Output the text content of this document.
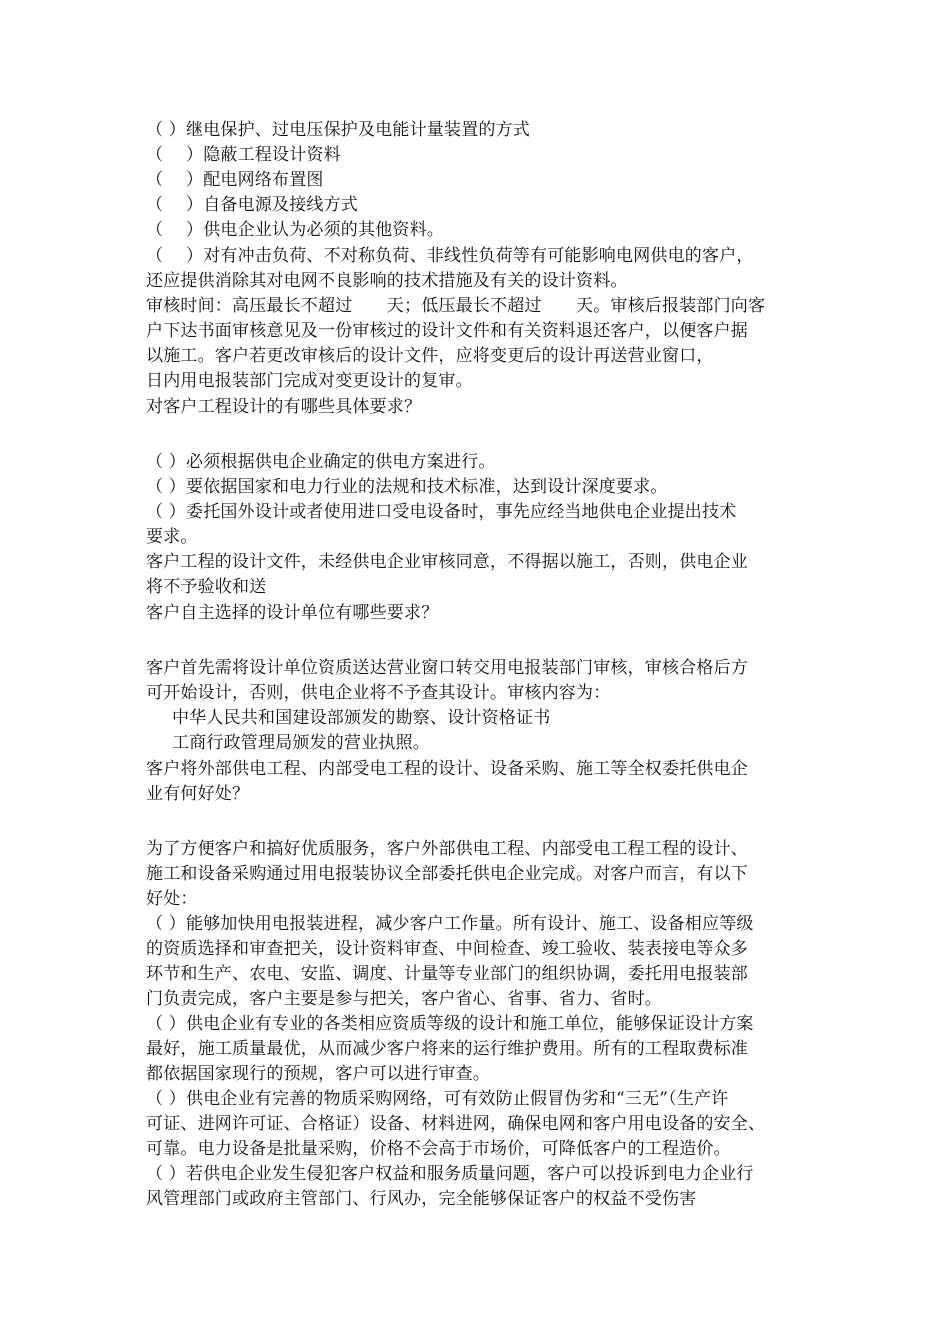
（ ）继电保护、过电压保护及电能计量装置的方式
（ 　）隐蔽工程设计资料
（ 　）配电网络布置图
（ 　）自备电源及接线方式
（ 　）供电企业认为必须的其他资料。
（ 　）对有冲击负荷、不对称负荷、非线性负荷等有可能影响电网供电的客户，
还应提供消除其对电网不良影响的技术措施及有关的设计资料。
审核时间：高压最长不超过　　天；低压最长不超过　　天。审核后报装部门向客
户下达书面审核意见及一份审核过的设计文件和有关资料退还客户，以便客户据
以施工。客户若更改审核后的设计文件，应将变更后的设计再送营业窗口，
日内用电报装部门完成对变更设计的复审。
对客户工程设计的有哪些具体要求？
（ ）必须根据供电企业确定的供电方案进行。
（ ）要依据国家和电力行业的法规和技术标准，达到设计深度要求。
（ ）委托国外设计或者使用进口受电设备时，事先应经当地供电企业提出技术
要求。
客户工程的设计文件，未经供电企业审核同意，不得据以施工，否则，供电企业
将不予验收和送
客户自主选择的设计单位有哪些要求？
客户首先需将设计单位资质送达营业窗口转交用电报装部门审核，审核合格后方
可开始设计，否则，供电企业将不予查其设计。审核内容为：
中华人民共和国建设部颁发的勘察、设计资格证书
工商行政管理局颁发的营业执照。
客户将外部供电工程、内部受电工程的设计、设备采购、施工等全权委托供电企
业有何好处？
为了方便客户和搞好优质服务，客户外部供电工程、内部受电工程工程的设计、
施工和设备采购通过用电报装协议全部委托供电企业完成。对客户而言，有以下
好处：
（ ）能够加快用电报装进程，减少客户工作量。所有设计、施工、设备相应等级
的资质选择和审查把关，设计资料审查、中间检查、竣工验收、装表接电等众多
环节和生产、农电、安监、调度、计量等专业部门的组织协调，委托用电报装部
门负责完成，客户主要是参与把关，客户省心、省事、省力、省时。
（ ）供电企业有专业的各类相应资质等级的设计和施工单位，能够保证设计方案
最好，施工质量最优，从而减少客户将来的运行维护费用。所有的工程取费标准
都依据国家现行的预规，客户可以进行审查。
（ ）供电企业有完善的物质采购网络，可有效防止假冒伪劣和“三无”（生产许
可证、进网许可证、合格证）设备、材料进网，确保电网和客户用电设备的安全、
可靠。电力设备是批量采购，价格不会高于市场价，可降低客户的工程造价。
（ ）若供电企业发生侵犯客户权益和服务质量问题，客户可以投诉到电力企业行
风管理部门或政府主管部门、行风办，完全能够保证客户的权益不受伤害
